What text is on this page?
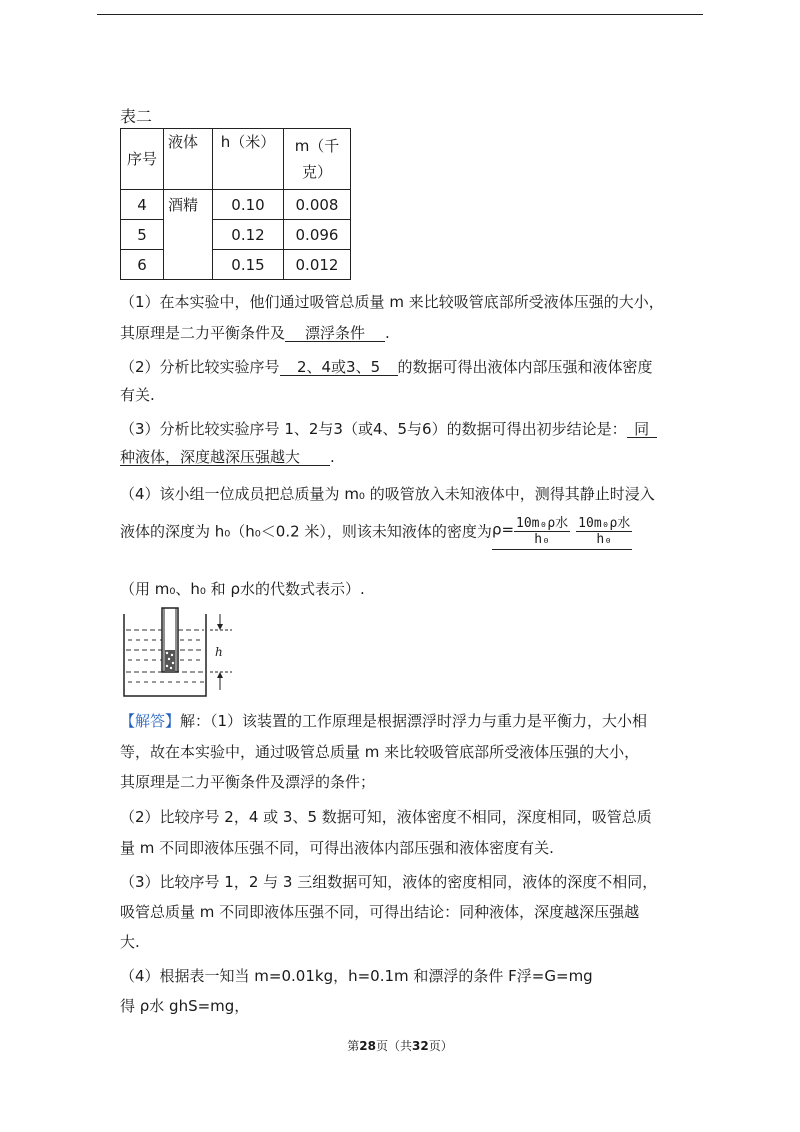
表二
序号	液体	h（米）	m（千克）
4	酒精	0.10	0.008
5		0.12	0.096
6		0.15	0.012
（1）在本实验中，他们通过吸管总质量 m 来比较吸管底部所受液体压强的大小，
其原理是二力平衡条件及 漂浮条件 .
（2）分析比较实验序号 2、4或3、5 的数据可得出液体内部压强和液体密度
有关.
（3）分析比较实验序号 1、2与3（或4、5与6）的数据可得出初步结论是： 同
种液体，深度越深压强越大 .
（4）该小组一位成员把总质量为 m₀ 的吸管放入未知液体中，测得其静止时浸入
液体的深度为 h₀（h₀＜0.2 米），则该未知液体的密度为$\rho= \frac{\text{10m₀ρ水}}{\text{h₀}} \frac{\text{10m₀ρ水}}{\text{h₀}}$
（用 m₀、h₀ 和 ρ水的代数式表示）.
h
【解答】解：（1）该装置的工作原理是根据漂浮时浮力与重力是平衡力，大小相
等，故在本实验中，通过吸管总质量 m 来比较吸管底部所受液体压强的大小，
其原理是二力平衡条件及漂浮的条件；
（2）比较序号 2，4 或 3、5 数据可知，液体密度不相同，深度相同，吸管总质
量 m 不同即液体压强不同，可得出液体内部压强和液体密度有关.
（3）比较序号 1，2 与 3 三组数据可知，液体的密度相同，液体的深度不相同，
吸管总质量 m 不同即液体压强不同，可得出结论：同种液体，深度越深压强越
大.
（4）根据表一知当 m=0.01kg，h=0.1m 和漂浮的条件 F浮=G=mg
得 ρ水 ghS=mg，
第28页（共32页）
